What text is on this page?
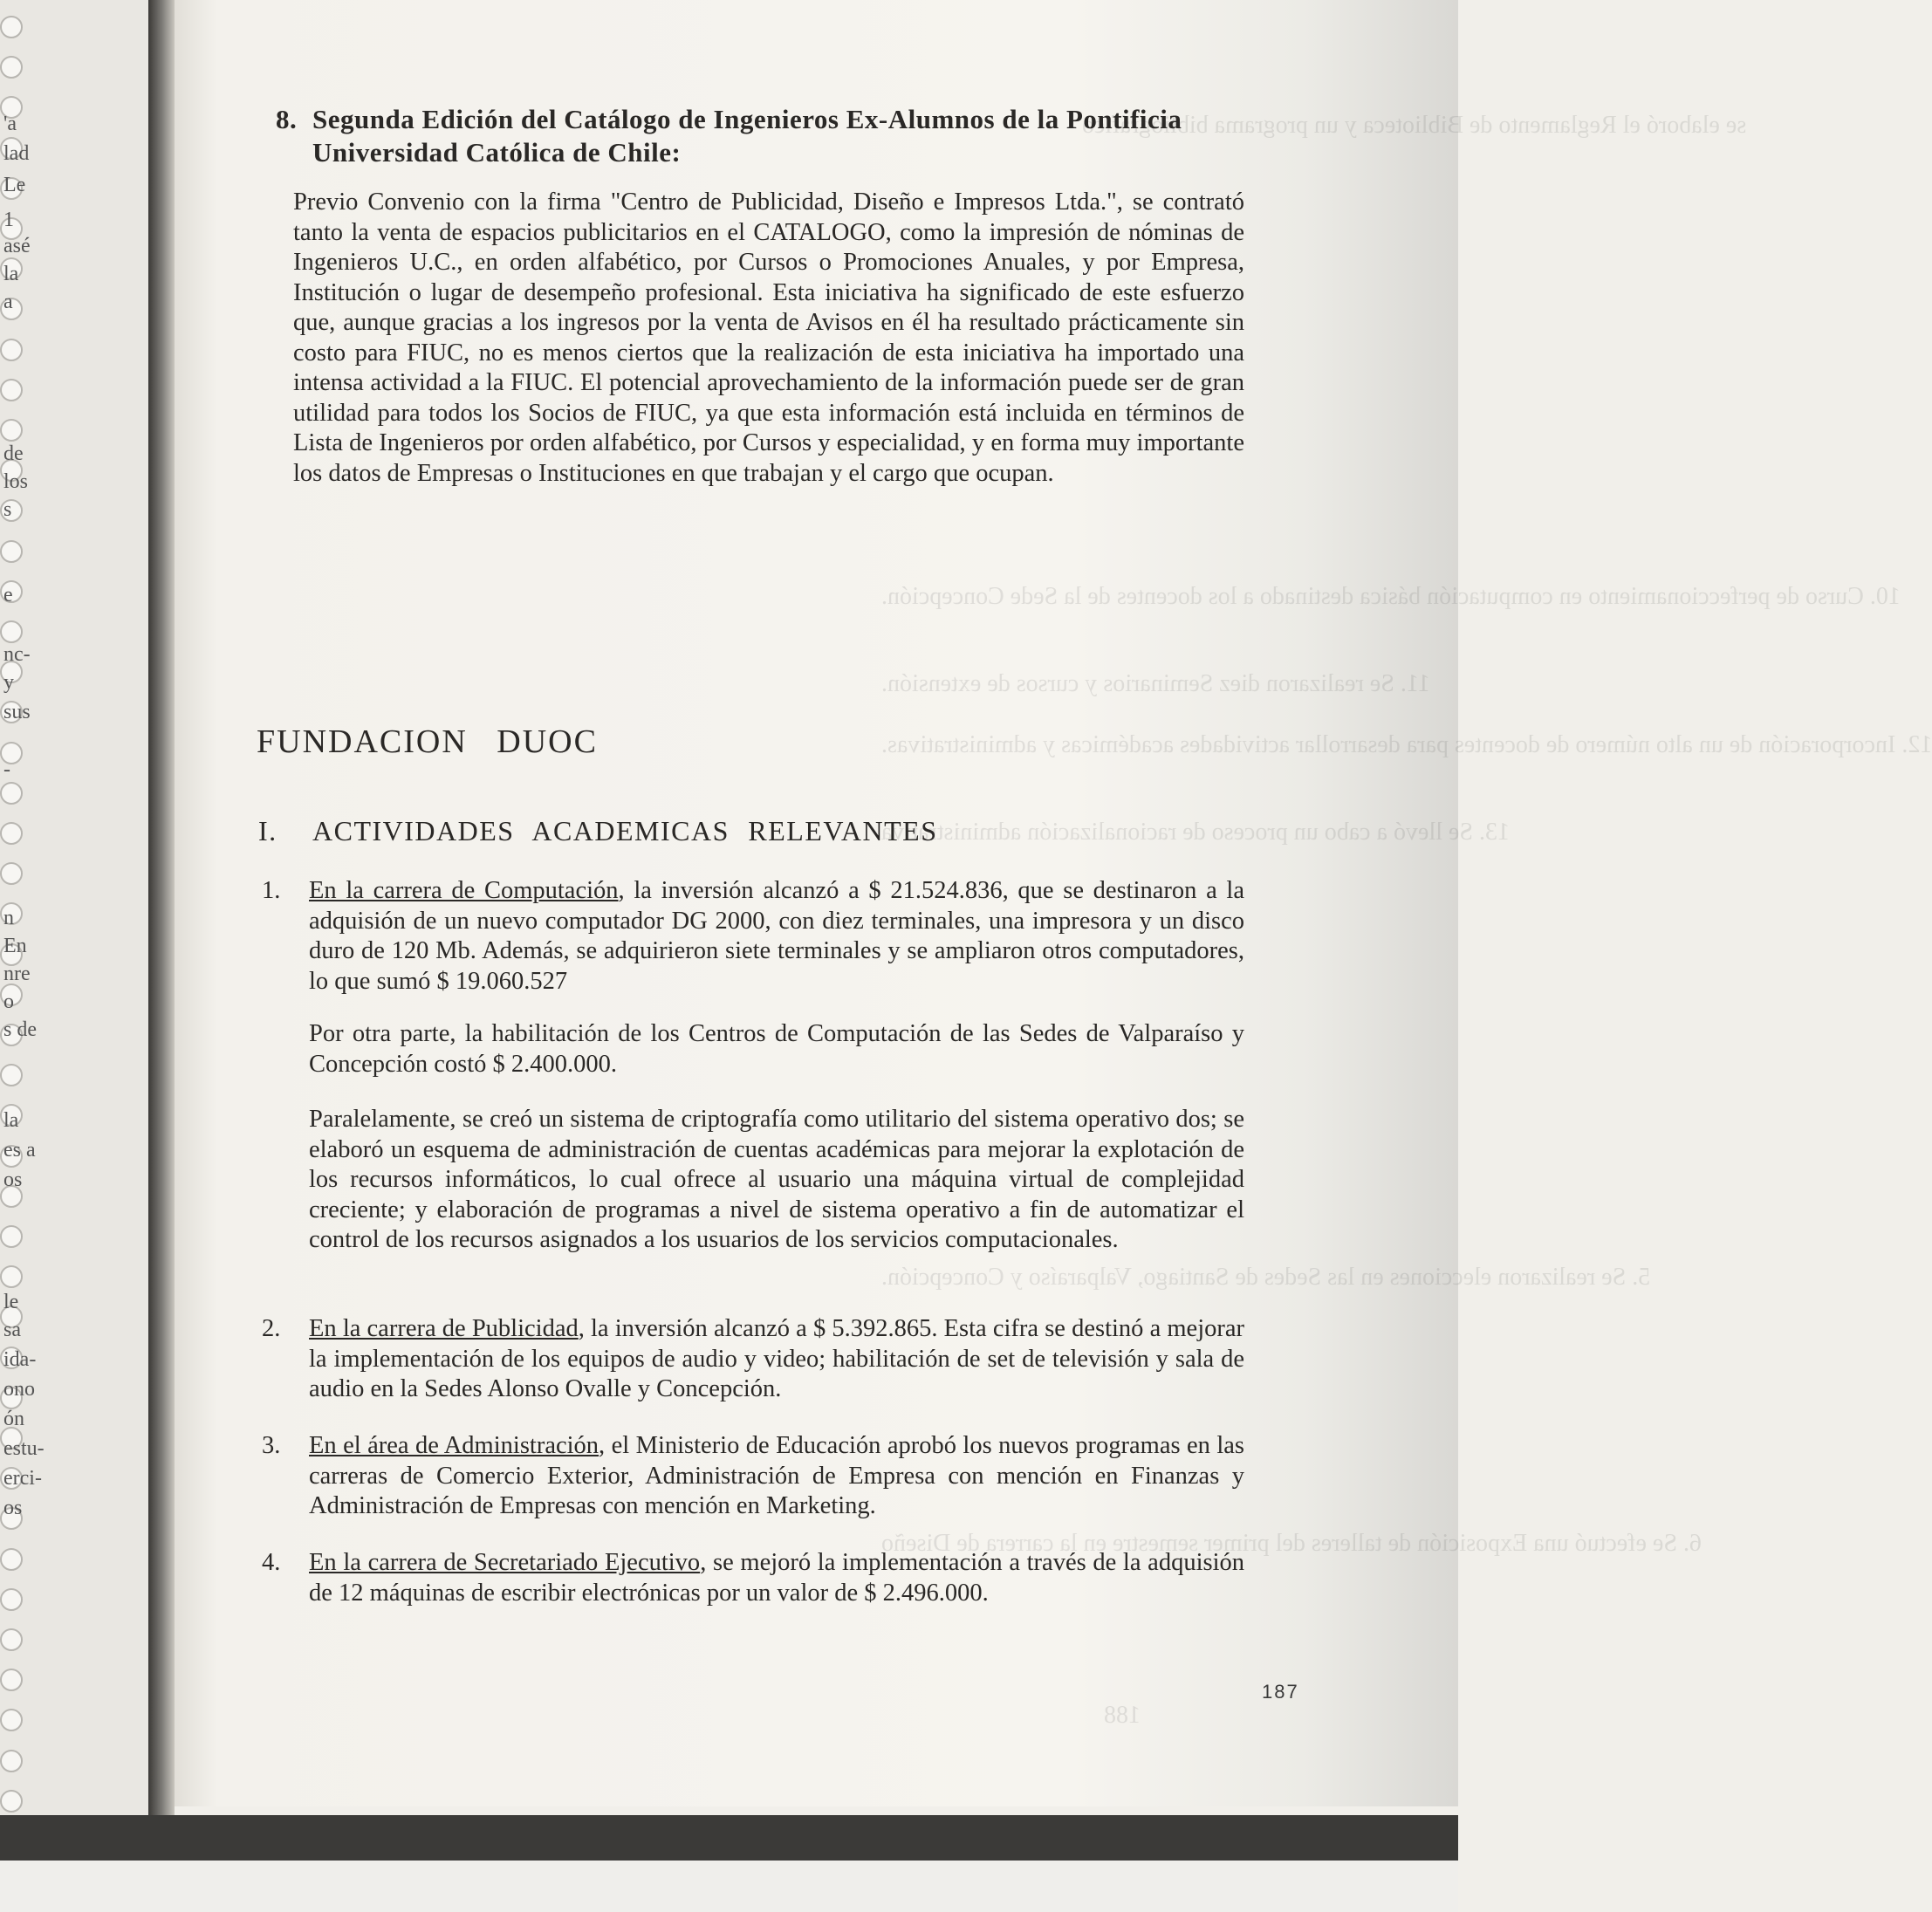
'a
lad
Le
1
asé
la
a
de
los
s
e
nc-
y
sus
-
n
En
nre
o
s de
la
es a
os
le
sa
ida-
ono
ón
estu-
erci-
os
se elaboró el Reglamento de Biblioteca y un programa bibliográfico
10. Curso de perfeccionamiento en computación básica destinado a los docentes de la Sede Concepción.
11. Se realizaron diez Seminarios y cursos de extensión.
12. Incorporación de un alto número de docentes para desarrollar actividades académicas y administrativas.
13. Se llevó a cabo un proceso de racionalización administrativa
5. Se realizaron elecciones en las Sedes de Santiago, Valparaíso y Concepción.
6. Se efectuó una Exposición de talleres del primer semestre en la carrera de Diseño
188
8. Segunda Edición del Catálogo de Ingenieros Ex-Alumnos de la Pontificia Universidad Católica de Chile:
Previo Convenio con la firma "Centro de Publicidad, Diseño e Impresos Ltda.", se contrató tanto la venta de espacios publicitarios en el CATALOGO, como la impresión de nóminas de Ingenieros U.C., en orden alfabético, por Cursos o Promociones Anuales, y por Empresa, Institución o lugar de desempeño profesional. Esta iniciativa ha significado de este esfuerzo que, aunque gracias a los ingresos por la venta de Avisos en él ha resultado prácticamente sin costo para FIUC, no es menos ciertos que la realización de esta iniciativa ha importado una intensa actividad a la FIUC. El potencial aprovechamiento de la información puede ser de gran utilidad para todos los Socios de FIUC, ya que esta información está incluida en términos de Lista de Ingenieros por orden alfabético, por Cursos y especialidad, y en forma muy importante los datos de Empresas o Instituciones en que trabajan y el cargo que ocupan.
FUNDACION DUOC
I. ACTIVIDADES ACADEMICAS RELEVANTES
1. En la carrera de Computación, la inversión alcanzó a $ 21.524.836, que se destinaron a la adquisión de un nuevo computador DG 2000, con diez terminales, una impresora y un disco duro de 120 Mb. Además, se adquirieron siete terminales y se ampliaron otros computadores, lo que sumó $ 19.060.527
Por otra parte, la habilitación de los Centros de Computación de las Sedes de Valparaíso y Concepción costó $ 2.400.000.
Paralelamente, se creó un sistema de criptografía como utilitario del sistema operativo dos; se elaboró un esquema de administración de cuentas académicas para mejorar la explotación de los recursos informáticos, lo cual ofrece al usuario una máquina virtual de complejidad creciente; y elaboración de programas a nivel de sistema operativo a fin de automatizar el control de los recursos asignados a los usuarios de los servicios computacionales.
2. En la carrera de Publicidad, la inversión alcanzó a $ 5.392.865. Esta cifra se destinó a mejorar la implementación de los equipos de audio y video; habilitación de set de televisión y sala de audio en la Sedes Alonso Ovalle y Concepción.
3. En el área de Administración, el Ministerio de Educación aprobó los nuevos programas en las carreras de Comercio Exterior, Administración de Empresa con mención en Finanzas y Administración de Empresas con mención en Marketing.
4. En la carrera de Secretariado Ejecutivo, se mejoró la implementación a través de la adquisión de 12 máquinas de escribir electrónicas por un valor de $ 2.496.000.
187
